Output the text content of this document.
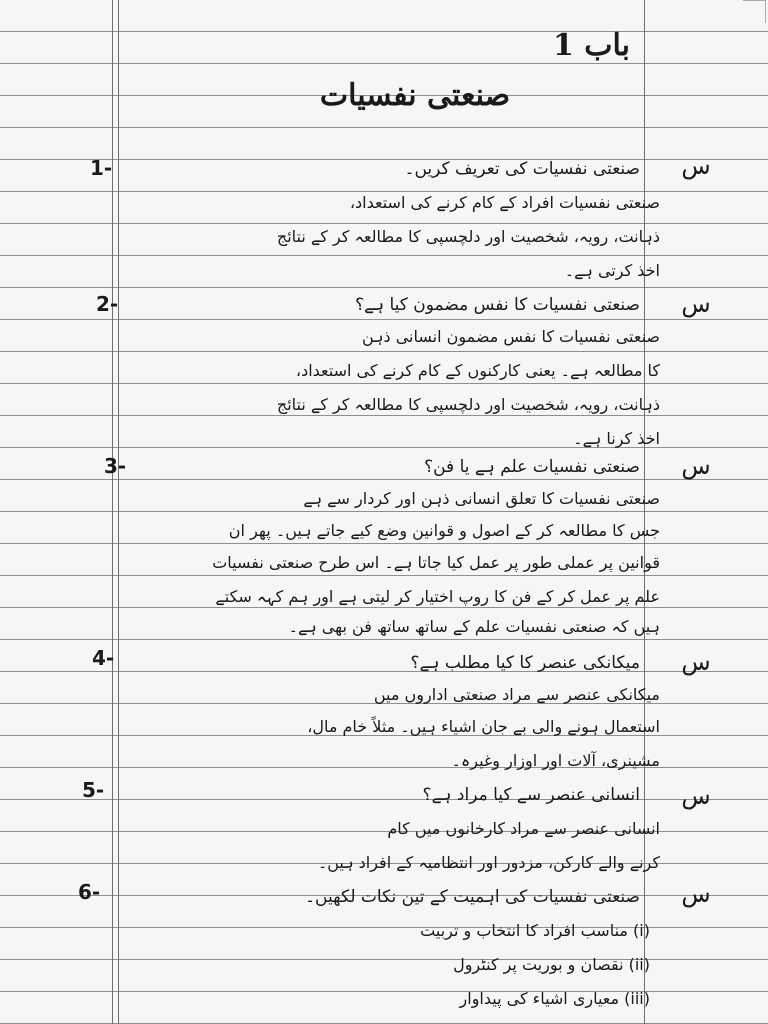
باب 1
صنعتی نفسیات
س
1-	صنعتی نفسیات کی تعریف کریں۔
صنعتی نفسیات افراد کے کام کرنے کی استعداد،
ذہانت، رویہ، شخصیت اور دلچسپی کا مطالعہ کر کے نتائج
اخذ کرتی ہے۔
س
2-	صنعتی نفسیات کا نفس مضمون کیا ہے؟
صنعتی نفسیات کا نفس مضمون انسانی ذہن
کا مطالعہ ہے۔ یعنی کارکنوں کے کام کرنے کی استعداد،
ذہانت، رویہ، شخصیت اور دلچسپی کا مطالعہ کر کے نتائج
اخذ کرنا ہے۔
س
3-	صنعتی نفسیات علم ہے یا فن؟
صنعتی نفسیات کا تعلق انسانی ذہن اور کردار سے ہے
جس کا مطالعہ کر کے اصول و قوانین وضع کیے جاتے ہیں۔ پھر ان
قوانین پر عملی طور پر عمل کیا جاتا ہے۔ اس طرح صنعتی نفسیات
علم پر عمل کر کے فن کا روپ اختیار کر لیتی ہے اور ہم کہہ سکتے
ہیں کہ صنعتی نفسیات علم کے ساتھ ساتھ فن بھی ہے۔
س
4-	میکانکی عنصر کا کیا مطلب ہے؟
میکانکی عنصر سے مراد صنعتی اداروں میں
استعمال ہونے والی بے جان اشیاء ہیں۔ مثلاً خام مال،
مشینری، آلات اور اوزار وغیرہ۔
س
5-	انسانی عنصر سے کیا مراد ہے؟
انسانی عنصر سے مراد کارخانوں میں کام
کرنے والے کارکن، مزدور اور انتظامیہ کے افراد ہیں۔
س
6-	صنعتی نفسیات کی اہمیت کے تین نکات لکھیں۔
(i) مناسب افراد کا انتخاب و تربیت
(ii) نقصان و بوریت پر کنٹرول
(iii) معیاری اشیاء کی پیداوار
